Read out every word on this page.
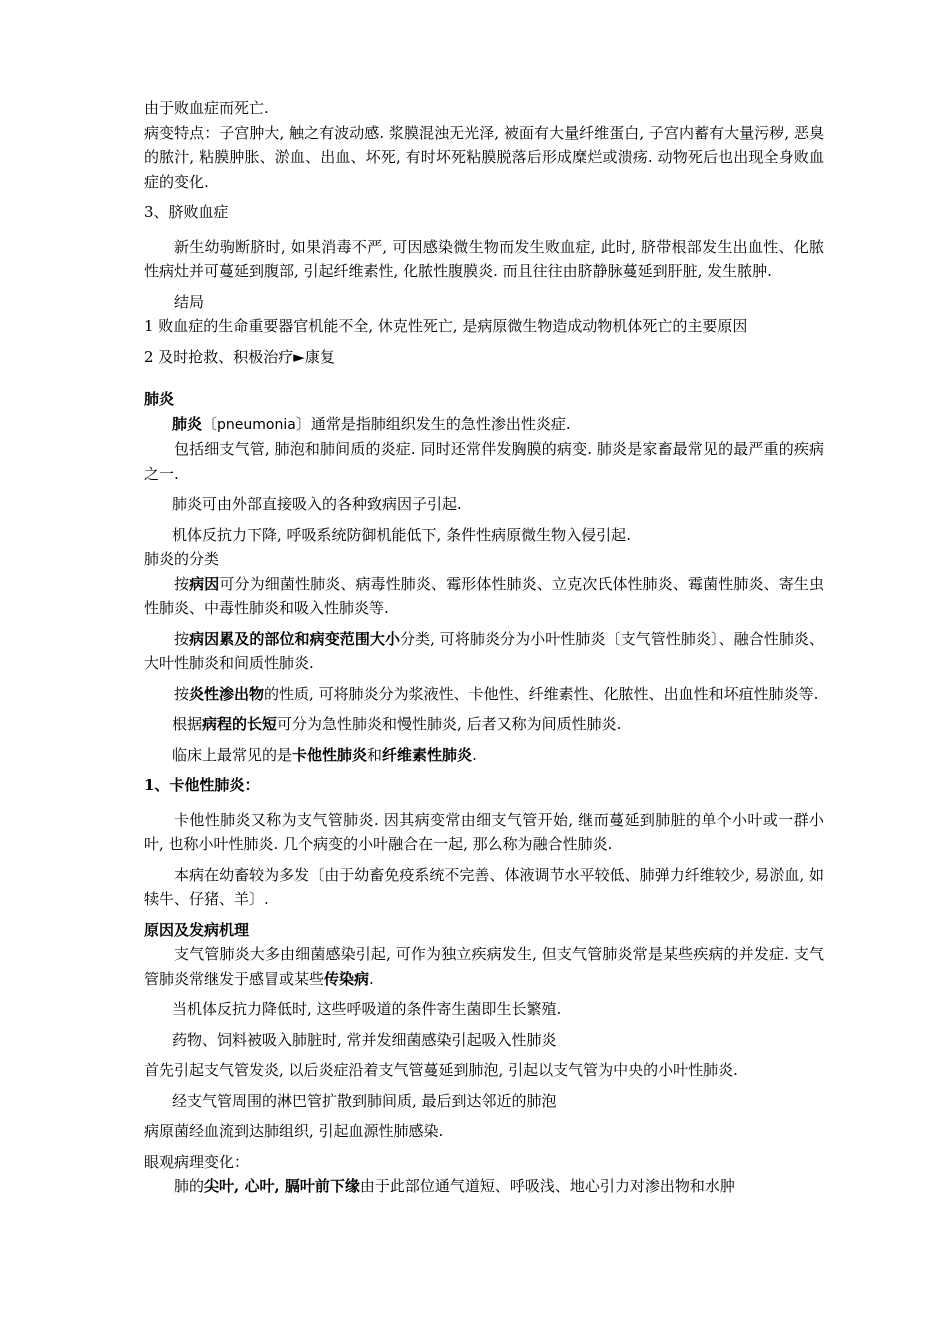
由于败血症而死亡.

病变特点：子宫肿大, 触之有波动感. 浆膜混浊无光泽, 被面有大量纤维蛋白, 子宫内蓄有大量污秽, 恶臭的脓汁, 粘膜肿胀、淤血、出血、坏死, 有时坏死粘膜脱落后形成糜烂或溃疡. 动物死后也出现全身败血症的变化.

3、脐败血症

新生幼驹断脐时, 如果消毒不严, 可因感染微生物而发生败血症, 此时, 脐带根部发生出血性、化脓性病灶并可蔓延到腹部, 引起纤维素性, 化脓性腹膜炎. 而且往往由脐静脉蔓延到肝脏, 发生脓肿.

结局

1 败血症的生命重要器官机能不全, 休克性死亡, 是病原微生物造成动物机体死亡的主要原因

2 及时抢救、积极治疗►康复

肺炎

肺炎〔pneumonia〕通常是指肺组织发生的急性渗出性炎症.

包括细支气管, 肺泡和肺间质的炎症. 同时还常伴发胸膜的病变. 肺炎是家畜最常见的最严重的疾病之一.

肺炎可由外部直接吸入的各种致病因子引起.

机体反抗力下降, 呼吸系统防御机能低下, 条件性病原微生物入侵引起.

肺炎的分类

按病因可分为细菌性肺炎、病毒性肺炎、霉形体性肺炎、立克次氏体性肺炎、霉菌性肺炎、寄生虫性肺炎、中毒性肺炎和吸入性肺炎等.

按病因累及的部位和病变范围大小分类, 可将肺炎分为小叶性肺炎〔支气管性肺炎〕、融合性肺炎、大叶性肺炎和间质性肺炎.

按炎性渗出物的性质, 可将肺炎分为浆液性、卡他性、纤维素性、化脓性、出血性和坏疽性肺炎等.

根据病程的长短可分为急性肺炎和慢性肺炎, 后者又称为间质性肺炎.

临床上最常见的是卡他性肺炎和纤维素性肺炎.

1、卡他性肺炎：

卡他性肺炎又称为支气管肺炎. 因其病变常由细支气管开始, 继而蔓延到肺脏的单个小叶或一群小叶, 也称小叶性肺炎. 几个病变的小叶融合在一起, 那么称为融合性肺炎.

本病在幼畜较为多发〔由于幼畜免疫系统不完善、体液调节水平较低、肺弹力纤维较少, 易淤血, 如犊牛、仔猪、羊〕.

原因及发病机理

支气管肺炎大多由细菌感染引起, 可作为独立疾病发生, 但支气管肺炎常是某些疾病的并发症. 支气管肺炎常继发于感冒或某些传染病.

当机体反抗力降低时, 这些呼吸道的条件寄生菌即生长繁殖.

药物、饲料被吸入肺脏时, 常并发细菌感染引起吸入性肺炎

首先引起支气管发炎, 以后炎症沿着支气管蔓延到肺泡, 引起以支气管为中央的小叶性肺炎.

经支气管周围的淋巴管扩散到肺间质, 最后到达邻近的肺泡

病原菌经血流到达肺组织, 引起血源性肺感染.

眼观病理变化：

肺的尖叶, 心叶, 膈叶前下缘由于此部位通气道短、呼吸浅、地心引力对渗出物和水肿
